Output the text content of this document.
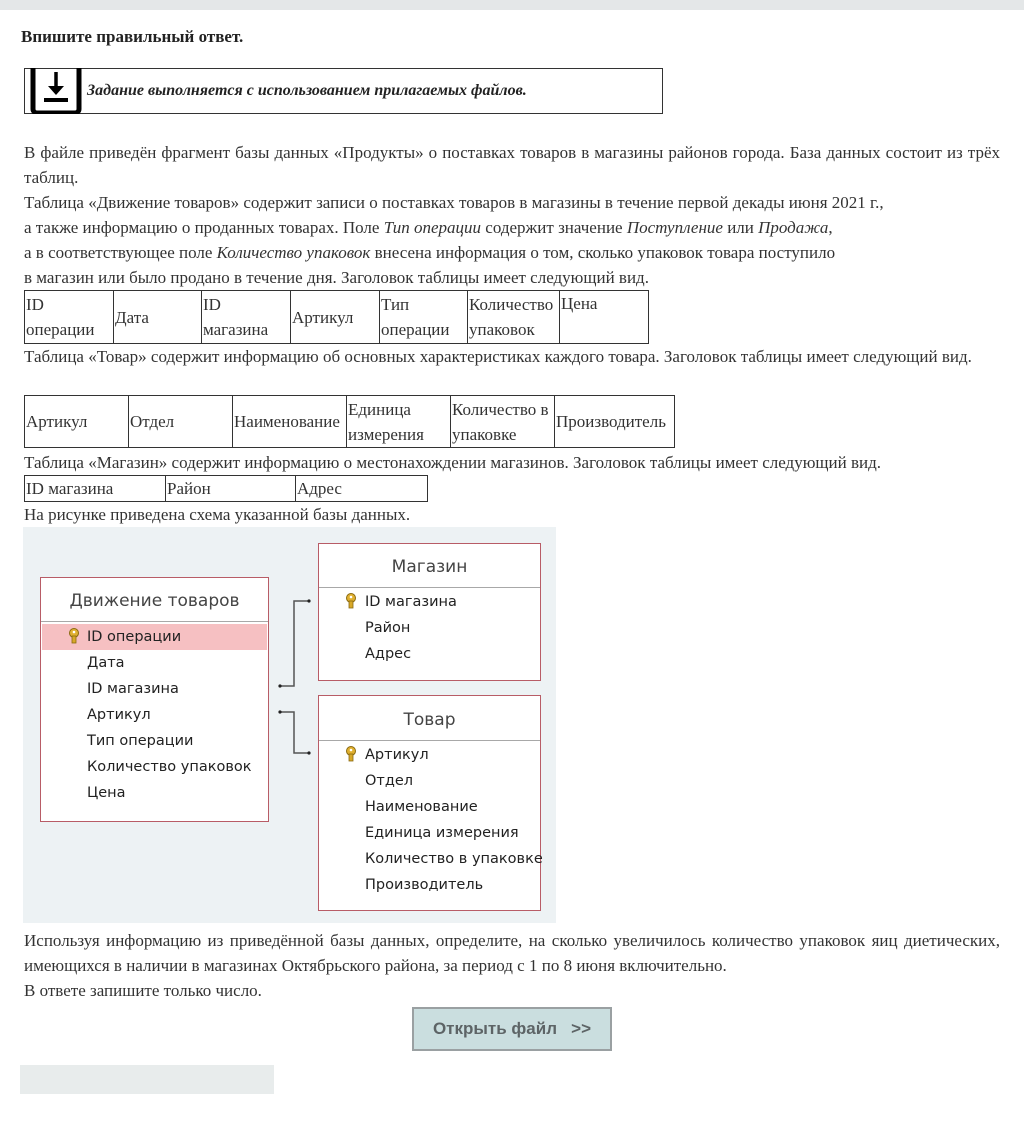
Впишите правильный ответ.
Задание выполняется с использованием прилагаемых файлов.
В файле приведён фрагмент базы данных «Продукты» о поставках товаров в магазины районов города. База данных состоит из трёх таблиц.
Таблица «Движение товаров» содержит записи о поставках товаров в магазины в течение первой декады июня 2021 г.,
а также информацию о проданных товарах. Поле Тип операции содержит значение Поступление или Продажа,
а в соответствующее поле Количество упаковок внесена информация о том, сколько упаковок товара поступило
в магазин или было продано в течение дня. Заголовок таблицы имеет следующий вид.
ID операции	Дата	ID магазина	Артикул	Тип операции	Количество упаковок	Цена
Таблица «Товар» содержит информацию об основных характеристиках каждого товара. Заголовок таблицы имеет следующий вид.
Артикул	Отдел	Наименование	Единица измерения	Количество в упаковке	Производитель
Таблица «Магазин» содержит информацию о местонахождении магазинов. Заголовок таблицы имеет следующий вид.
ID магазина	Район	Адрес
На рисунке приведена схема указанной базы данных.
Движение товаров
ID операции
Дата
ID магазина
Артикул
Тип операции
Количество упаковок
Цена
Магазин
ID магазина
Район
Адрес
Товар
Артикул
Отдел
Наименование
Единица измерения
Количество в упаковке
Производитель
Используя информацию из приведённой базы данных, определите, на сколько увеличилось количество упаковок яиц диетических, имеющихся в наличии в магазинах Октябрьского района, за период с 1 по 8 июня включительно.
В ответе запишите только число.
Открыть файл   >>
